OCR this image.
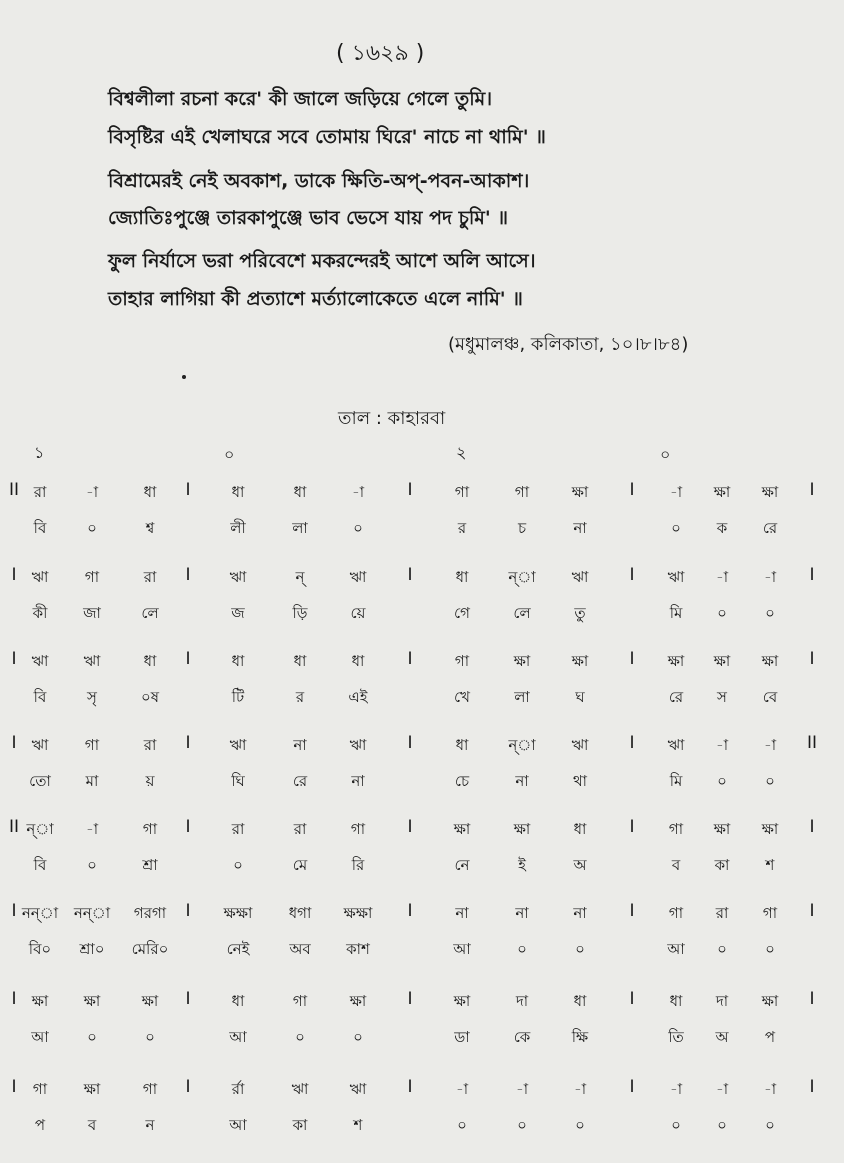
( ১৬২৯ )
বিশ্বলীলা রচনা করে' কী জালে জড়িয়ে গেলে তুমি।
বিসৃষ্টির এই খেলাঘরে সবে তোমায় ঘিরে' নাচে না থামি' ॥
বিশ্রামেরই নেই অবকাশ, ডাকে ক্ষিতি-অপ্-পবন-আকাশ।
জ্যোতিঃপুঞ্জে তারকাপুঞ্জে ভাব ভেসে যায় পদ চুমি' ॥
ফুল নির্যাসে ভরা পরিবেশে মকরন্দেরই আশে অলি আসে।
তাহার লাগিয়া কী প্রত্যাশে মর্ত্যালোকেতে এলে নামি' ॥
(মধুমালঞ্চ, কলিকাতা, ১০।৮।৮৪)
তাল : কাহারবা
১	০	২	০
II রা	-া	ধা	ধা	ধা	-া	গা	গা	ক্ষা	-া	ক্ষা	ক্ষা
I	I	I	I
বি	০	শ্ব	লী	লা	০	র	চ	না	০	ক	রে
I	ঋা	গা	রা	ঋা	ন্	ঋা	ধা	ন্া	ঋা	ঋা	-া	-া
I	I	I	I
কী	জা	লে	জ	ড়ি	য়ে	গে	লে	তু	মি	০	০
I	ঋা	ঋা	ধা	ধা	ধা	ধা	গা	ক্ষা	ক্ষা	ক্ষা	ক্ষা	ক্ষা
I	I	I	I
বি	সৃ	০ষ	টি	র	এই	খে	লা	ঘ	রে	স	বে
I	ঋা	গা	রা	ঋা	না	ঋা	ধা	ন্া	ঋা	ঋা	-া	-া
I	I	I	II
তো	মা	য়	ঘি	রে	না	চে	না	থা	মি	০	০
II ন্া	-া	গা	রা	রা	গা	ক্ষা	ক্ষা	ধা	গা	ক্ষা	ক্ষা
I	I	I	I
বি	০	শ্রা	০	মে	রি	নে	ই	অ	ব	কা	শ
I নন্া	নন্া	গরগা	ক্ষক্ষা	ধগা	ক্ষক্ষা	না	না	না	গা	রা	গা
I	I	I	I
বি০	শ্রা০	মেরি০	নেই	অব	কাশ	আ	০	০	আ	০	০
I	ক্ষা	ক্ষা	ক্ষা	ধা	গা	ক্ষা	ক্ষা	দা	ধা	ধা	দা	ক্ষা
I	I	I	I
আ	০	০	আ	০	০	ডা	কে	ক্ষি	তি	অ	প
I	গা	ক্ষা	গা	র্রা	ঋা	ঋা	-া	-া	-া	-া	-া	-া
I	I	I	I
প	ব	ন	আ	কা	শ	০	০	০	০	০	০
